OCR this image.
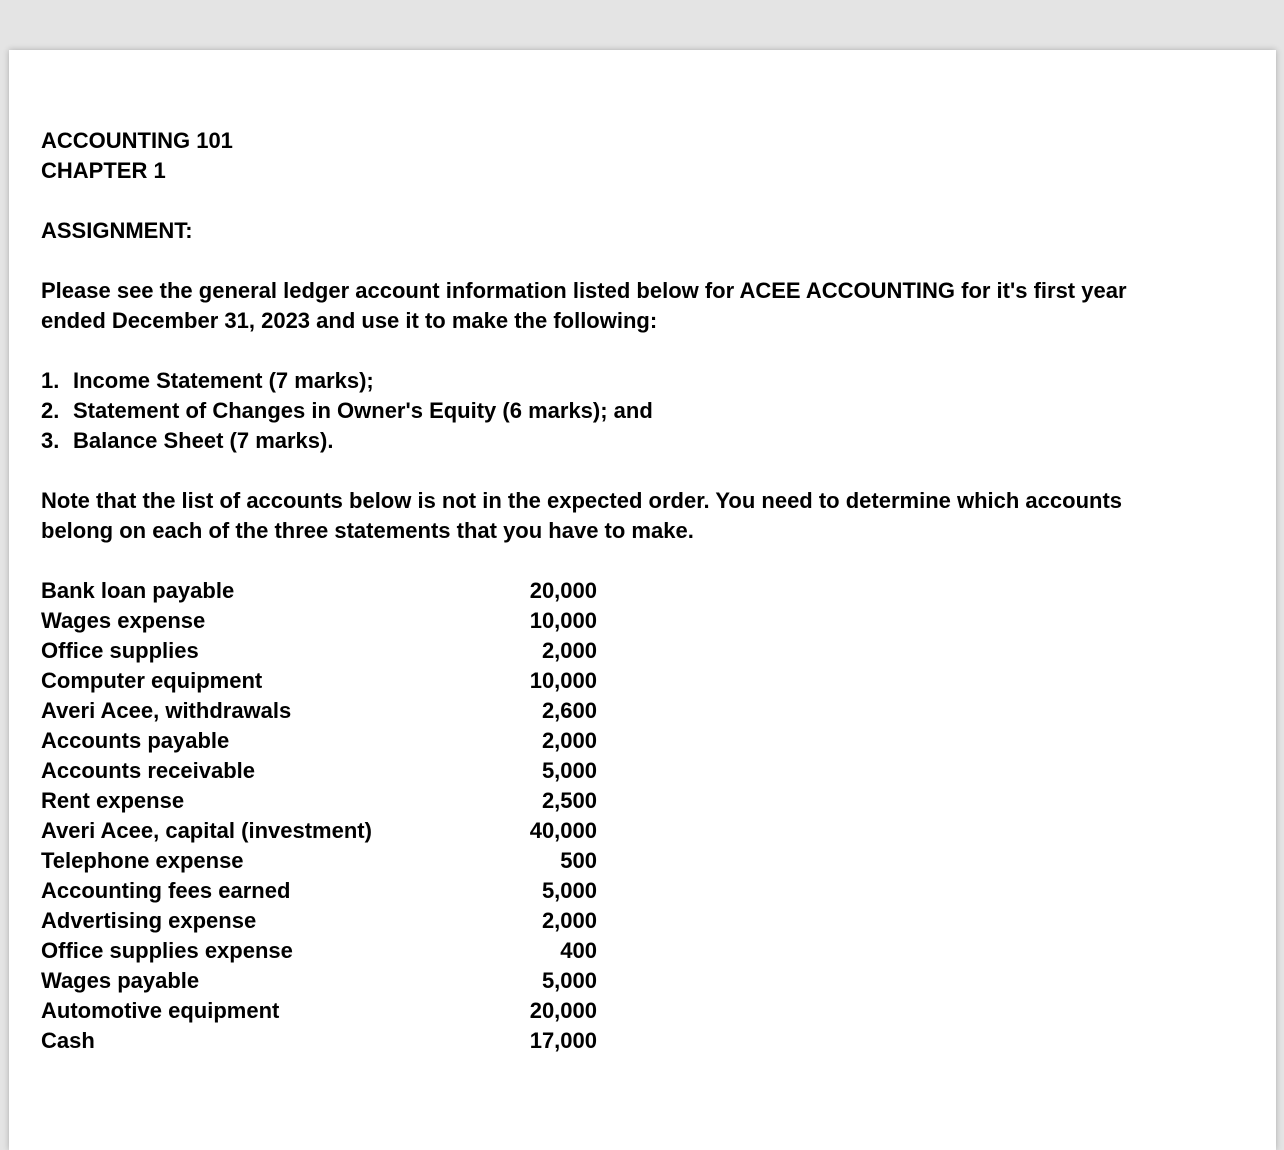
ACCOUNTING 101

CHAPTER 1

ASSIGNMENT:

Please see the general ledger account information listed below for ACEE ACCOUNTING for it's first year

ended December 31, 2023 and use it to make the following:

1. Income Statement (7 marks);
2. Statement of Changes in Owner's Equity (6 marks); and
3. Balance Sheet (7 marks).

Note that the list of accounts below is not in the expected order. You need to determine which accounts

belong on each of the three statements that you have to make.

Bank loan payable	20,000
Wages expense	10,000
Office supplies	2,000
Computer equipment	10,000
Averi Acee, withdrawals	2,600
Accounts payable	2,000
Accounts receivable	5,000
Rent expense	2,500
Averi Acee, capital (investment)	40,000
Telephone expense	500
Accounting fees earned	5,000
Advertising expense	2,000
Office supplies expense	400
Wages payable	5,000
Automotive equipment	20,000
Cash	17,000
